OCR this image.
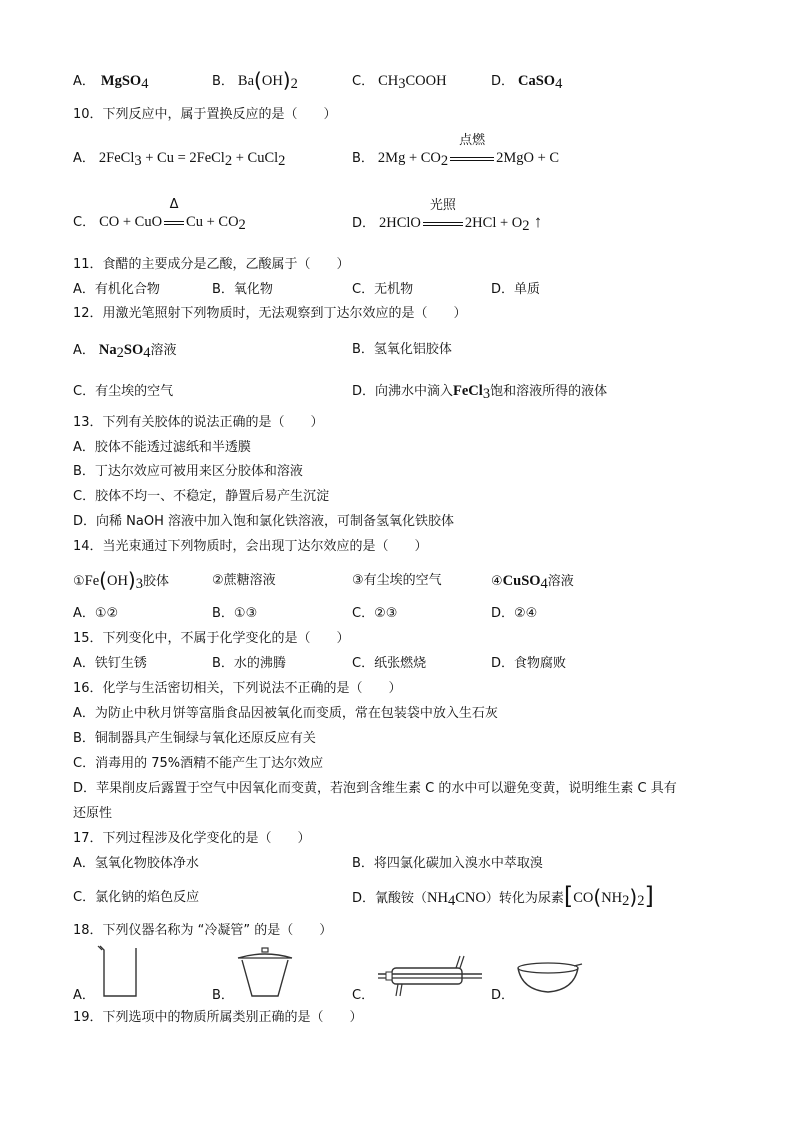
A． MgSO$_4$	B． $Ba(OH)_2$	C． $CH_3COOH$	D． CaSO$_4$
10．下列反应中，属于置换反应的是（　　）
A． 2FeCl$_3$ + Cu = 2FeCl$_2$ + CuCl$_2$	B． $2Mg + CO_2$
点燃
2MgO + C
C． CO + CuO
Δ
$Cu + CO_2$	D． 2HClO
光照
$2HCl + O_2$ ↑
11．食醋的主要成分是乙酸，乙酸属于（　　）
A．有机化合物	B．氧化物	C．无机物	D．单质
12．用激光笔照射下列物质时，无法观察到丁达尔效应的是（　　）
A． $Na_2SO_4$溶液	B．氢氧化铝胶体
C．有尘埃的空气	D．向沸水中滴入FeCl$_3$饱和溶液所得的液体
13．下列有关胶体的说法正确的是（　　）
A．胶体不能透过滤纸和半透膜
B．丁达尔效应可被用来区分胶体和溶液
C．胶体不均一、不稳定，静置后易产生沉淀
D．向稀 NaOH 溶液中加入饱和氯化铁溶液，可制备氢氧化铁胶体
14．当光束通过下列物质时，会出现丁达尔效应的是（　　）
$①Fe(OH)_3$胶体	②蔗糖溶液	③有尘埃的空气	④CuSO$_4$溶液
A．①②	B．①③	C．②③	D．②④
15．下列变化中，不属于化学变化的是（　　）
A．铁钉生锈	B．水的沸腾	C．纸张燃烧	D．食物腐败
16．化学与生活密切相关，下列说法不正确的是（　　）
A．为防止中秋月饼等富脂食品因被氧化而变质，常在包装袋中放入生石灰
B．铜制器具产生铜绿与氧化还原反应有关
C．消毒用的 75%酒精不能产生丁达尔效应
D．苹果削皮后露置于空气中因氧化而变黄，若泡到含维生素 C 的水中可以避免变黄，说明维生素 C 具有
还原性
17．下列过程涉及化学变化的是（　　）
A．氢氧化物胶体净水	B．将四氯化碳加入溴水中萃取溴
C．氯化钠的焰色反应	D．氰酸铵$(NH_4CNO)$转化为尿素$[CO(NH_2)_2]$
18．下列仪器名称为 “冷凝管” 的是（　　）
A．	B．	C．	D．
19．下列选项中的物质所属类别正确的是（　　）
